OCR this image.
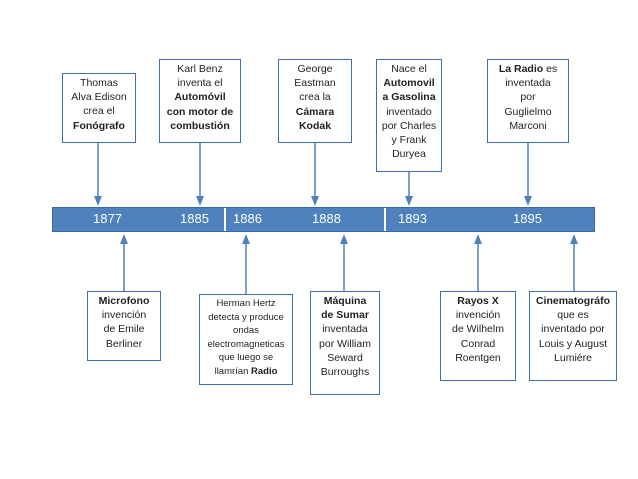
1877	1885 1886	1888	1893	1895
Thomas
Alva Edison
crea el
Fonógrafo
Karl Benz
inventa el
Automóvil
con motor de
combustión
George
Eastman
crea la
Cámara
Kodak
Nace el
Automovil
a Gasolina
inventado
por Charles
y Frank
Duryea
La Radio es
inventada
por
Guglielmo
Marconi
Microfono
invención
de Emile
Berliner
Herman Hertz
detecta y produce
ondas
electromagneticas
que luego se
llamrían Radio
Máquina
de Sumar
inventada
por William
Seward
Burroughs
Rayos X
invención
de Wilhelm
Conrad
Roentgen
Cinematográfo
que es
inventado por
Louis y August
Lumiére
